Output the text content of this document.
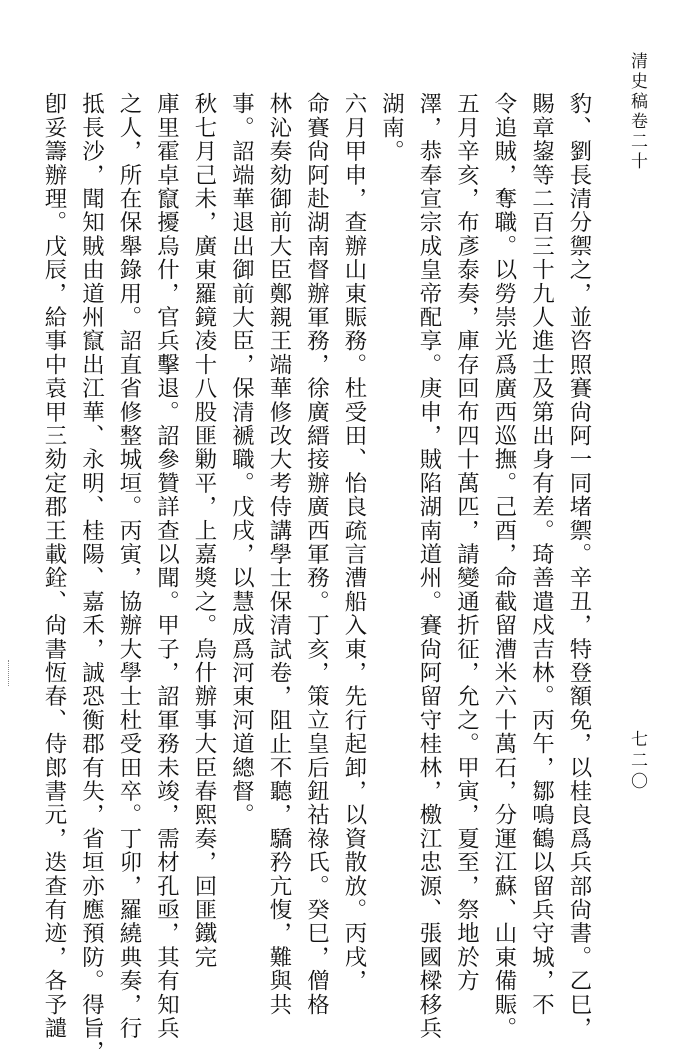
清史稿卷二十
七二〇
豹、劉長清分禦之，並咨照賽尙阿一同堵禦。辛丑，特登額免，以桂良爲兵部尙書。乙巳，
賜章鋆等二百三十九人進士及第出身有差。琦善遣戍吉林。丙午，鄒鳴鶴以留兵守城，不
令追賊，奪職。以勞崇光爲廣西巡撫。己酉，命截留漕米六十萬石，分運江蘇、山東備賑。
五月辛亥，布彥泰奏，庫存回布四十萬匹，請變通折征，允之。甲寅，夏至，祭地於方
澤，恭奉宣宗成皇帝配享。庚申，賊陷湖南道州。賽尙阿留守桂林，檄江忠源、張國樑移兵
湖南。
六月甲申，查辦山東賑務。杜受田、怡良疏言漕船入東，先行起卸，以資散放。丙戌，
命賽尙阿赴湖南督辦軍務，徐廣縉接辦廣西軍務。丁亥，策立皇后鈕祜祿氏。癸巳，僧格
林沁奏劾御前大臣鄭親王端華修改大考侍講學士保清試卷，阻止不聽，驕矜亢愎，難與共
事。詔端華退出御前大臣，保清褫職。戊戌，以慧成爲河東河道總督。
秋七月己未，廣東羅鏡凌十八股匪勦平，上嘉獎之。烏什辦事大臣春熙奏，回匪鐵完
庫里霍卓竄擾烏什，官兵擊退。詔參贊詳查以聞。甲子，詔軍務未竣，需材孔亟，其有知兵
之人，所在保舉錄用。詔直省修整城垣。丙寅，協辦大學士杜受田卒。丁卯，羅繞典奏，行
抵長沙，聞知賊由道州竄出江華、永明、桂陽、嘉禾，誠恐衡郡有失，省垣亦應預防。得旨，
卽妥籌辦理。戊辰，給事中袁甲三劾定郡王載銓、尙書恆春、侍郎書元，迭查有迹，各予譴
